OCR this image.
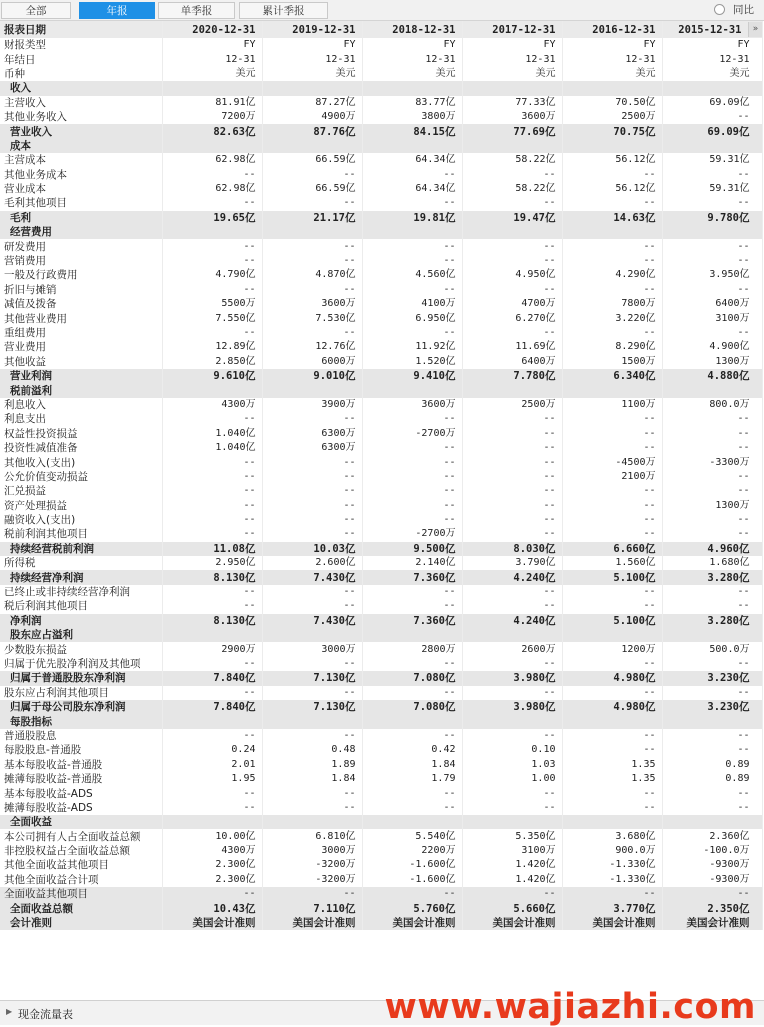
全部	年报	单季报	累计季报	同比
报表日期	2020-12-31	2019-12-31	2018-12-31	2017-12-31	2016-12-31	2015-12-31
财报类型	FY	FY	FY	FY	FY	FY
年结日	12-31	12-31	12-31	12-31	12-31	12-31
币种	美元	美元	美元	美元	美元	美元
收入						
主营收入	81.91亿	87.27亿	83.77亿	77.33亿	70.50亿	69.09亿
其他业务收入	7200万	4900万	3800万	3600万	2500万	--
营业收入	82.63亿	87.76亿	84.15亿	77.69亿	70.75亿	69.09亿
成本						
主营成本	62.98亿	66.59亿	64.34亿	58.22亿	56.12亿	59.31亿
其他业务成本	--	--	--	--	--	--
营业成本	62.98亿	66.59亿	64.34亿	58.22亿	56.12亿	59.31亿
毛利其他项目	--	--	--	--	--	--
毛利	19.65亿	21.17亿	19.81亿	19.47亿	14.63亿	9.780亿
经营费用						
研发费用	--	--	--	--	--	--
营销费用	--	--	--	--	--	--
一般及行政费用	4.790亿	4.870亿	4.560亿	4.950亿	4.290亿	3.950亿
折旧与摊销	--	--	--	--	--	--
减值及拨备	5500万	3600万	4100万	4700万	7800万	6400万
其他营业费用	7.550亿	7.530亿	6.950亿	6.270亿	3.220亿	3100万
重组费用	--	--	--	--	--	--
营业费用	12.89亿	12.76亿	11.92亿	11.69亿	8.290亿	4.900亿
其他收益	2.850亿	6000万	1.520亿	6400万	1500万	1300万
营业利润	9.610亿	9.010亿	9.410亿	7.780亿	6.340亿	4.880亿
税前溢利						
利息收入	4300万	3900万	3600万	2500万	1100万	800.0万
利息支出	--	--	--	--	--	--
权益性投资损益	1.040亿	6300万	-2700万	--	--	--
投资性减值准备	1.040亿	6300万	--	--	--	--
其他收入(支出)	--	--	--	--	-4500万	-3300万
公允价值变动损益	--	--	--	--	2100万	--
汇兑损益	--	--	--	--	--	--
资产处理损益	--	--	--	--	--	1300万
融资收入(支出)	--	--	--	--	--	--
税前利润其他项目	--	--	-2700万	--	--	--
持续经营税前利润	11.08亿	10.03亿	9.500亿	8.030亿	6.660亿	4.960亿
所得税	2.950亿	2.600亿	2.140亿	3.790亿	1.560亿	1.680亿
持续经营净利润	8.130亿	7.430亿	7.360亿	4.240亿	5.100亿	3.280亿
已终止或非持续经营净利润	--	--	--	--	--	--
税后利润其他项目	--	--	--	--	--	--
净利润	8.130亿	7.430亿	7.360亿	4.240亿	5.100亿	3.280亿
股东应占溢利						
少数股东损益	2900万	3000万	2800万	2600万	1200万	500.0万
归属于优先股净利润及其他项	--	--	--	--	--	--
归属于普通股股东净利润	7.840亿	7.130亿	7.080亿	3.980亿	4.980亿	3.230亿
股东应占利润其他项目	--	--	--	--	--	--
归属于母公司股东净利润	7.840亿	7.130亿	7.080亿	3.980亿	4.980亿	3.230亿
每股指标						
普通股股息	--	--	--	--	--	--
每股股息-普通股	0.24	0.48	0.42	0.10	--	--
基本每股收益-普通股	2.01	1.89	1.84	1.03	1.35	0.89
摊薄每股收益-普通股	1.95	1.84	1.79	1.00	1.35	0.89
基本每股收益-ADS	--	--	--	--	--	--
摊薄每股收益-ADS	--	--	--	--	--	--
全面收益						
本公司拥有人占全面收益总额	10.00亿	6.810亿	5.540亿	5.350亿	3.680亿	2.360亿
非控股权益占全面收益总额	4300万	3000万	2200万	3100万	900.0万	-100.0万
其他全面收益其他项目	2.300亿	-3200万	-1.600亿	1.420亿	-1.330亿	-9300万
其他全面收益合计项	2.300亿	-3200万	-1.600亿	1.420亿	-1.330亿	-9300万
全面收益其他项目	--	--	--	--	--	--
全面收益总额	10.43亿	7.110亿	5.760亿	5.660亿	3.770亿	2.350亿
会计准则	美国会计准则	美国会计准则	美国会计准则	美国会计准则	美国会计准则	美国会计准则
»
▶ 现金流量表	www.wajiazhi.com
